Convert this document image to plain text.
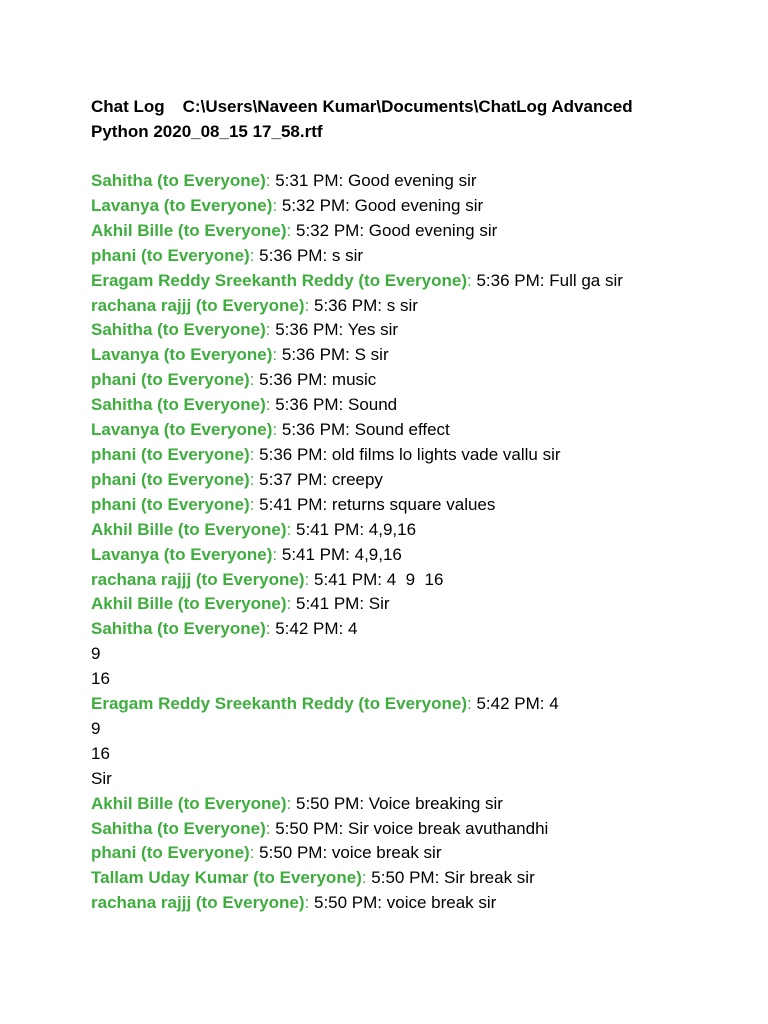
Chat Log C:\Users\Naveen Kumar\Documents\ChatLog Advanced
Python 2020_08_15 17_58.rtf
Sahitha (to Everyone): 5:31 PM: Good evening sir
Lavanya (to Everyone): 5:32 PM: Good evening sir
Akhil Bille (to Everyone): 5:32 PM: Good evening sir
phani (to Everyone): 5:36 PM: s sir
Eragam Reddy Sreekanth Reddy (to Everyone): 5:36 PM: Full ga sir
rachana rajjj (to Everyone): 5:36 PM: s sir
Sahitha (to Everyone): 5:36 PM: Yes sir
Lavanya (to Everyone): 5:36 PM: S sir
phani (to Everyone): 5:36 PM: music
Sahitha (to Everyone): 5:36 PM: Sound
Lavanya (to Everyone): 5:36 PM: Sound effect
phani (to Everyone): 5:36 PM: old films lo lights vade vallu sir
phani (to Everyone): 5:37 PM: creepy
phani (to Everyone): 5:41 PM: returns square values
Akhil Bille (to Everyone): 5:41 PM: 4,9,16
Lavanya (to Everyone): 5:41 PM: 4,9,16
rachana rajjj (to Everyone): 5:41 PM: 4  9  16
Akhil Bille (to Everyone): 5:41 PM: Sir
Sahitha (to Everyone): 5:42 PM: 4
9
16
Eragam Reddy Sreekanth Reddy (to Everyone): 5:42 PM: 4
9
16
Sir
Akhil Bille (to Everyone): 5:50 PM: Voice breaking sir
Sahitha (to Everyone): 5:50 PM: Sir voice break avuthandhi
phani (to Everyone): 5:50 PM: voice break sir
Tallam Uday Kumar (to Everyone): 5:50 PM: Sir break sir
rachana rajjj (to Everyone): 5:50 PM: voice break sir
